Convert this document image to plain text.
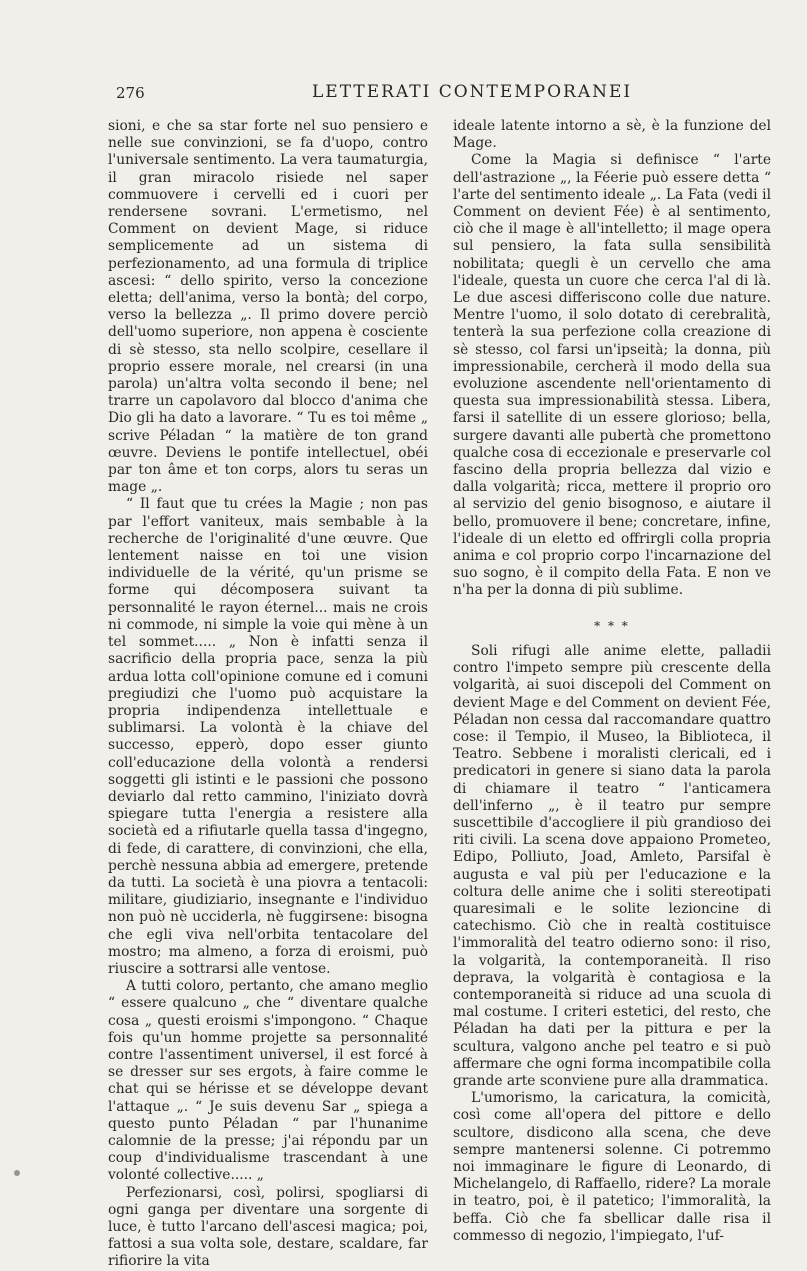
276	LETTERATI CONTEMPORANEI

sioni, e che sa star forte nel suo pensiero e nelle sue convinzioni, se fa d'uopo, contro l'universale sentimento. La vera taumaturgia, il gran miracolo risiede nel saper commuovere i cervelli ed i cuori per rendersene sovrani. L'ermetismo, nel Comment on devient Mage, si riduce semplicemente ad un sistema di perfezionamento, ad una formula di triplice ascesi: “ dello spirito, verso la concezione eletta; dell'anima, verso la bontà; del corpo, verso la bellezza „. Il primo dovere perciò dell'uomo superiore, non appena è cosciente di sè stesso, sta nello scolpire, cesellare il proprio essere morale, nel crearsi (in una parola) un'altra volta secondo il bene; nel trarre un capolavoro dal blocco d'anima che Dio gli ha dato a lavorare. “ Tu es toi même „ scrive Péladan “ la matière de ton grand œuvre. Deviens le pontife intellectuel, obéi par ton âme et ton corps, alors tu seras un mage „.

“ Il faut que tu crées la Magie ; non pas par l'effort vaniteux, mais sembable à la recherche de l'originalité d'une œuvre. Que lentement naisse en toi une vision individuelle de la vérité, qu'un prisme se forme qui décomposera suivant ta personnalité le rayon éternel... mais ne crois ni commode, ni simple la voie qui mène à un tel sommet..... „ Non è infatti senza il sacrificio della propria pace, senza la più ardua lotta coll'opinione comune ed i comuni pregiudizi che l'uomo può acquistare la propria indipendenza intellettuale e sublimarsi. La volontà è la chiave del successo, epperò, dopo esser giunto coll'educazione della volontà a rendersi soggetti gli istinti e le passioni che possono deviarlo dal retto cammino, l'iniziato dovrà spiegare tutta l'energia a resistere alla società ed a rifiutarle quella tassa d'ingegno, di fede, di carattere, di convinzioni, che ella, perchè nessuna abbia ad emergere, pretende da tutti. La società è una piovra a tentacoli: militare, giudiziario, insegnante e l'individuo non può nè ucciderla, nè fuggirsene: bisogna che egli viva nell'orbita tentacolare del mostro; ma almeno, a forza di eroismi, può riuscire a sottrarsi alle ventose.

A tutti coloro, pertanto, che amano meglio “ essere qualcuno „ che “ diventare qualche cosa „ questi eroismi s'impongono. “ Chaque fois qu'un homme projette sa personnalité contre l'assentiment universel, il est forcé à se dresser sur ses ergots, à faire comme le chat qui se hérisse et se développe devant l'attaque „. “ Je suis devenu Sar „ spiega a questo punto Péladan “ par l'hunanime calomnie de la presse; j'ai répondu par un coup d'individualisme trascendant à une volonté collective..... „

Perfezionarsi, così, polirsi, spogliarsi di ogni ganga per diventare una sorgente di luce, è tutto l'arcano dell'ascesi magica; poi, fattosi a sua volta sole, destare, scaldare, far rifiorire la vita

ideale latente intorno a sè, è la funzione del Mage.

Come la Magia si definisce “ l'arte dell'astrazione „, la Féerie può essere detta “ l'arte del sentimento ideale „. La Fata (vedi il Comment on devient Fée) è al sentimento, ciò che il mage è all'intelletto; il mage opera sul pensiero, la fata sulla sensibilità nobilitata; quegli è un cervello che ama l'ideale, questa un cuore che cerca l'al di là. Le due ascesi differiscono colle due nature. Mentre l'uomo, il solo dotato di cerebralità, tenterà la sua perfezione colla creazione di sè stesso, col farsi un'ipseità; la donna, più impressionabile, cercherà il modo della sua evoluzione ascendente nell'orientamento di questa sua impressionabilità stessa. Libera, farsi il satellite di un essere glorioso; bella, surgere davanti alle pubertà che promettono qualche cosa di eccezionale e preservarle col fascino della propria bellezza dal vizio e dalla volgarità; ricca, mettere il proprio oro al servizio del genio bisognoso, e aiutare il bello, promuovere il bene; concretare, infine, l'ideale di un eletto ed offrirgli colla propria anima e col proprio corpo l'incarnazione del suo sogno, è il compito della Fata. E non ve n'ha per la donna di più sublime.

* * *

Soli rifugi alle anime elette, palladii contro l'impeto sempre più crescente della volgarità, ai suoi discepoli del Comment on devient Mage e del Comment on devient Fée, Péladan non cessa dal raccomandare quattro cose: il Tempio, il Museo, la Biblioteca, il Teatro. Sebbene i moralisti clericali, ed i predicatori in genere si siano data la parola di chiamare il teatro “ l'anticamera dell'inferno „, è il teatro pur sempre suscettibile d'accogliere il più grandioso dei riti civili. La scena dove appaiono Prometeo, Edipo, Polliuto, Joad, Amleto, Parsifal è augusta e val più per l'educazione e la coltura delle anime che i soliti stereotipati quaresimali e le solite lezioncine di catechismo. Ciò che in realtà costituisce l'immoralità del teatro odierno sono: il riso, la volgarità, la contemporaneità. Il riso deprava, la volgarità è contagiosa e la contemporaneità si riduce ad una scuola di mal costume. I criteri estetici, del resto, che Péladan ha dati per la pittura e per la scultura, valgono anche pel teatro e si può affermare che ogni forma incompatibile colla grande arte sconviene pure alla drammatica.

L'umorismo, la caricatura, la comicità, così come all'opera del pittore e dello scultore, disdicono alla scena, che deve sempre mantenersi solenne. Ci potremmo noi immaginare le figure di Leonardo, di Michelangelo, di Raffaello, ridere? La morale in teatro, poi, è il patetico; l'immoralità, la beffa. Ciò che fa sbellicar dalle risa il commesso di negozio, l'impiegato, l'uf-
